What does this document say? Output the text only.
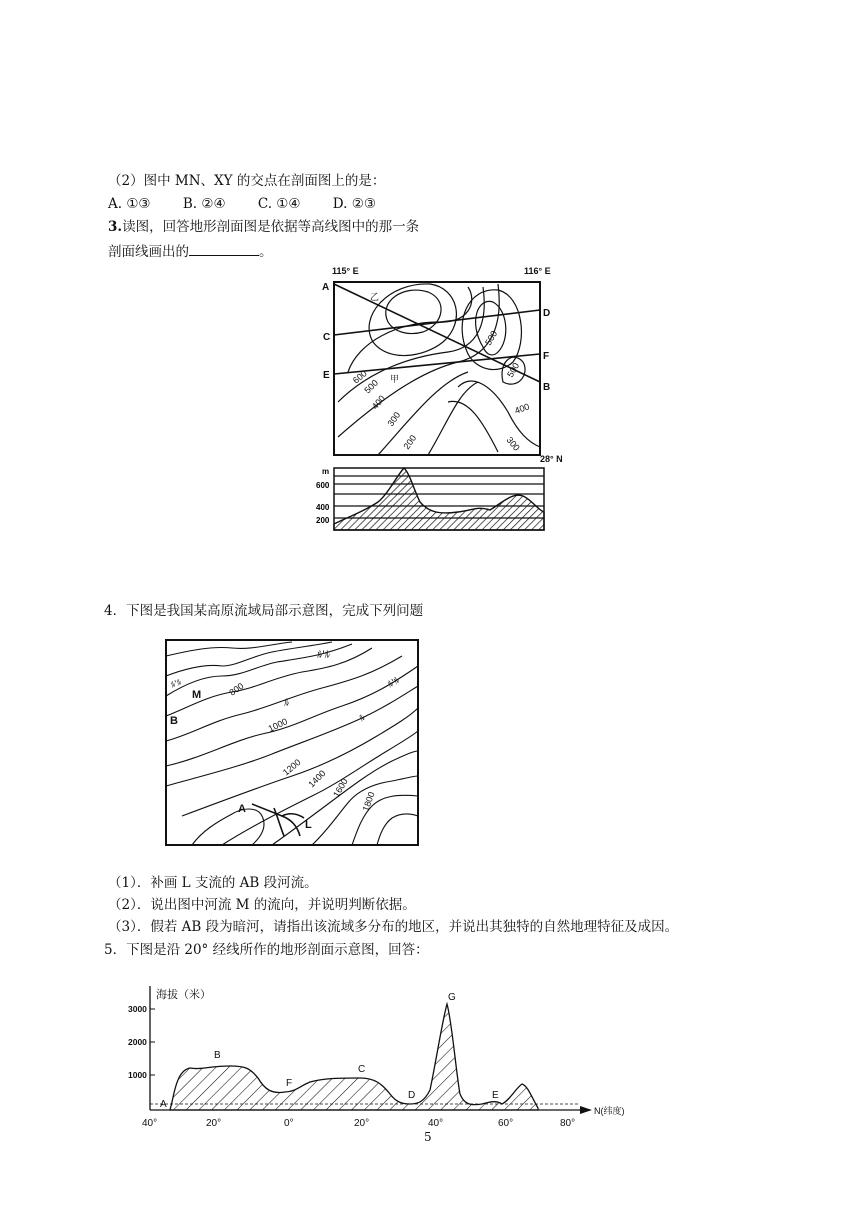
（2）图中 MN、XY 的交点在剖面图上的是：
A. ①③ B. ②④ C. ①④ D. ②③
3.读图，回答地形剖面图是依据等高线图中的那一条
剖面线画出的	。
115° E	116° E
28° N
A
C
E
D
F
B
乙
甲
600
500
400
300
200
500
500
400
300
m
600
400
200
4．下图是我国某高原流域局部示意图，完成下列问题
ﾙ'ﾙ
ﾙ
ﾙ'ﾙ
ﾙ
ﾙ'ﾙ
M
B
A
L
800
1000
1200
1400 1600
1800
（1）．补画 L 支流的 AB 段河流。
（2）．说出图中河流 M 的流向，并说明判断依据。
（3）．假若 AB 段为暗河，请指出该流域多分布的地区，并说出其独特的自然地理特征及成因。
5．下图是沿 20° 经线所作的地形剖面示意图，回答：
海拔（米）
3000
2000
1000
N(纬度)
A
B
F
C
D
G
E
40°	20°	0°	20°	40°	60°	80°
5
